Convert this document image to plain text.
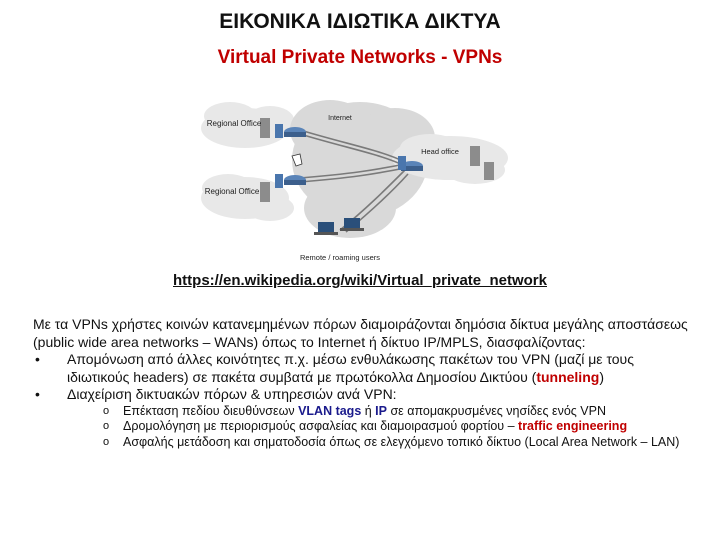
ΕΙΚΟΝΙΚΑ ΙΔΙΩΤΙΚΑ ΔΙΚΤΥΑ
Virtual Private Networks - VPNs
Regional Office
Internet
Head office
Regional Office
Remote / roaming users
https://en.wikipedia.org/wiki/Virtual_private_network

Με τα VPNs χρήστες κοινών κατανεμημένων πόρων διαμοιράζονται δημόσια δίκτυα μεγάλης αποστάσεως (public wide area networks – WANs) όπως το Internet ή δίκτυο IP/MPLS, διασφαλίζοντας:

• Απομόνωση από άλλες κοινότητες π.χ. μέσω ενθυλάκωσης πακέτων του VPN (μαζί με τους ιδιωτικούς headers) σε πακέτα συμβατά με πρωτόκολλα Δημοσίου Δικτύου (tunneling)
• Διαχείριση δικτυακών πόρων & υπηρεσιών ανά VPN:
o Επέκταση πεδίου διευθύνσεων VLAN tags ή IP σε απομακρυσμένες νησίδες ενός VPN
o Δρομολόγηση με περιορισμούς ασφαλείας και διαμοιρασμού φορτίου – traffic engineering
o Ασφαλής μετάδοση και σηματοδοσία όπως σε ελεγχόμενο τοπικό δίκτυο (Local Area Network – LAN)
